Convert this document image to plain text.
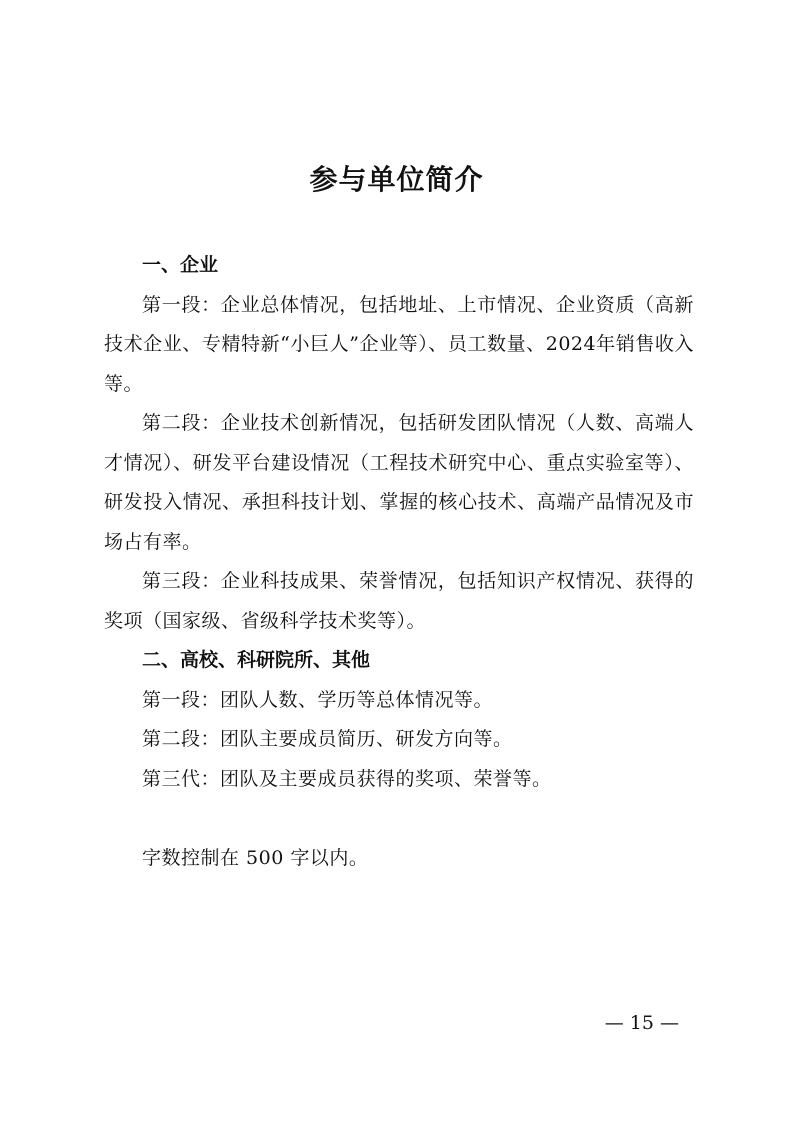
参与单位简介
一、企业
第一段：企业总体情况，包括地址、上市情况、企业资质（高新技术企业、专精特新“小巨人”企业等）、员工数量、2024年销售收入等。
第二段：企业技术创新情况，包括研发团队情况（人数、高端人才情况）、研发平台建设情况（工程技术研究中心、重点实验室等）、研发投入情况、承担科技计划、掌握的核心技术、高端产品情况及市场占有率。
第三段：企业科技成果、荣誉情况，包括知识产权情况、获得的奖项（国家级、省级科学技术奖等）。
二、高校、科研院所、其他
第一段：团队人数、学历等总体情况等。
第二段：团队主要成员简历、研发方向等。
第三代：团队及主要成员获得的奖项、荣誉等。
字数控制在 500 字以内。
— 15 —
